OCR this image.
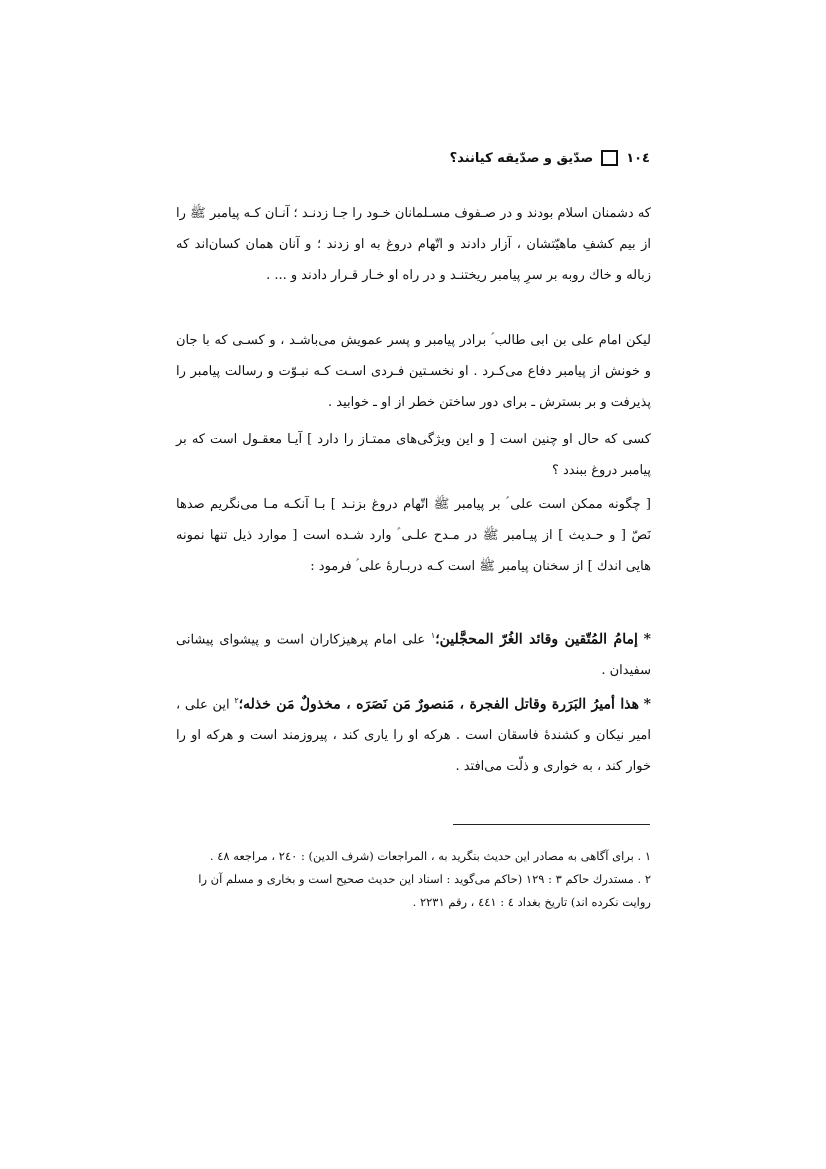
١٠٤
صدّيق و صدّيقه كيانند؟

كه دشمنان اسلام بودند و در صـفوف مسـلمانان خـود را جـا زدنـد ؛ آنـان كـه پيامبر ﷺ را از بيم كشفِ ماهيّتشان ، آزار دادند و اتّهام دروغ به او زدند ؛ و آنان همان كسان‌اند كه زباله و خاك روبه بر سرِ پيامبر ريختنـد و در راه او خـار قـرار دادند و ... .

ليكن امام على بن ابى طالب ؑ برادر پيامبر و پسر عمويش مى‌باشـد ، و كسـى كه با جان و خونش از پيامبر دفاع مى‌كـرد . او نخسـتين فـردى اسـت كـه نبـوّت و رسالت پيامبر را پذيرفت و بر بسترش ـ براى دور ساختن خطر از او ـ خوابيد .

كسى كه حال او چنين است [ و اين ويژگى‌هاى ممتـاز را دارد ] آيـا معقـول است كه بر پيامبر دروغ ببندد ؟

[ چگونه ممكن است على ؑ بر پيامبر ﷺ اتّهام دروغ بزنـد ] بـا آنكـه مـا مى‌نگريم صدها نَصّ [ و حـديث ] از پيـامبر ﷺ در مـدح علـى ؑ وارد شـده است [ موارد ذيل تنها نمونه هايى اندك ] از سخنان پيامبر ﷺ است كـه دربـارۀ على ؑ فرمود :

* إمامُ المُتّقين وقائد الغُرّ المحجَّلين؛$^١$ على امام پرهيزكاران است و پيشواى پيشانى سفيدان .

* هذا أميرُ البَرَرة وقاتل الفجرة ، مَنصورٌ مَن نَصَرَه ، مخذولٌ مَن خذله؛$^٢$ اين على ، امير نيكان و كشندۀ فاسقان است . هركه او را يارى كند ، پيروزمند است و هركه او را خوار كند ، به خوارى و ذلّت مى‌افتد .

١ . براى آگاهى به مصادر اين حديث بنگريد به ، المراجعات (شرف الدين) : ٢٤٠ ، مراجعه ٤٨ .

٢ . مستدرك حاكم ٣ : ١٢٩ (حاكم مى‌گويد : اسناد اين حديث صحيح است و بخارى و مسلم آن را روايت نكرده اند) تاريخ بغداد ٤ : ٤٤١ ، رقم ٢٢٣١ .
